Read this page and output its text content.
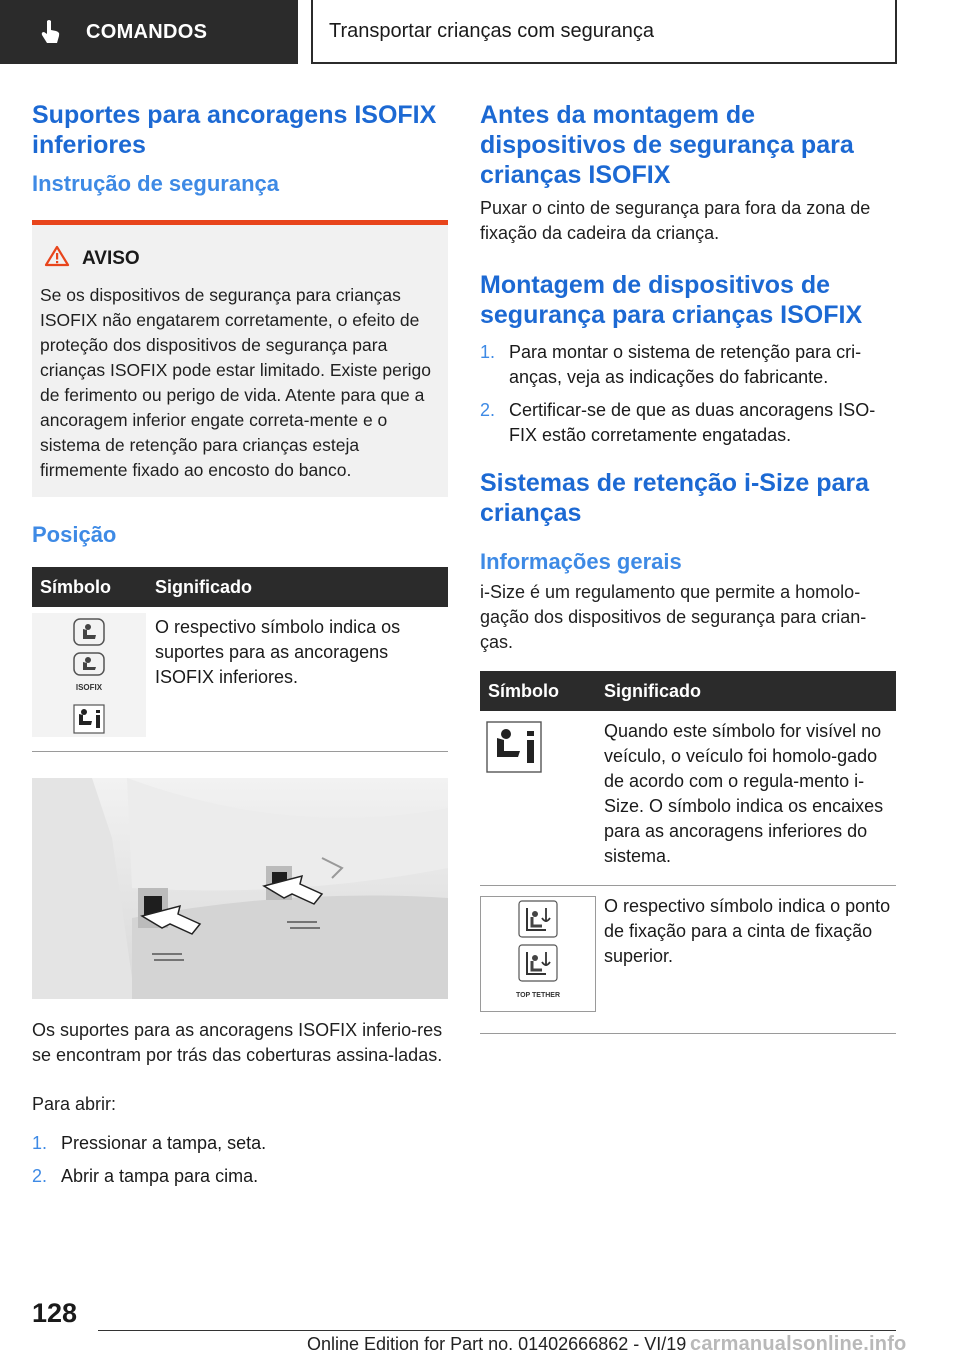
COMANDOS	Transportar crianças com segurança
Suportes para ancoragens ISOFIX inferiores
Instrução de segurança
AVISO

Se os dispositivos de segurança para crianças ISOFIX não engatarem corretamente, o efeito de proteção dos dispositivos de segurança para crianças ISOFIX pode estar limitado. Existe perigo de ferimento ou perigo de vida. Atente para que a ancoragem inferior engate correta‐mente e o sistema de retenção para crianças esteja firmemente fixado ao encosto do banco.

Posição
Símbolo	Significado

ISOFIX	O respectivo símbolo indica os suportes para as ancoragens ISOFIX inferiores.

Os suportes para as ancoragens ISOFIX inferio‐res se encontram por trás das coberturas assina‐ladas.

Para abrir:

1. Pressionar a tampa, seta.
2. Abrir a tampa para cima.
Antes da montagem de dispositivos de segurança para crianças ISOFIX

Puxar o cinto de segurança para fora da zona de fixação da cadeira da criança.

Montagem de dispositivos de segurança para crianças ISOFIX
1. Para montar o sistema de retenção para cri‐anças, veja as indicações do fabricante.
2. Certificar-se de que as duas ancoragens ISO‐FIX estão corretamente engatadas.
Sistemas de retenção i-Size para crianças
Informações gerais

i-Size é um regulamento que permite a homolo‐gação dos dispositivos de segurança para crian‐ças.

Símbolo	Significado

	Quando este símbolo for visível no veículo, o veículo foi homolo‐gado de acordo com o regula‐mento i-Size. O símbolo indica os encaixes para as ancoragens inferiores do sistema.

TOP TETHER	O respectivo símbolo indica o ponto de fixação para a cinta de fixação superior.
128
Online Edition for Part no. 01402666862 - VI/19 carmanualsonline.info
